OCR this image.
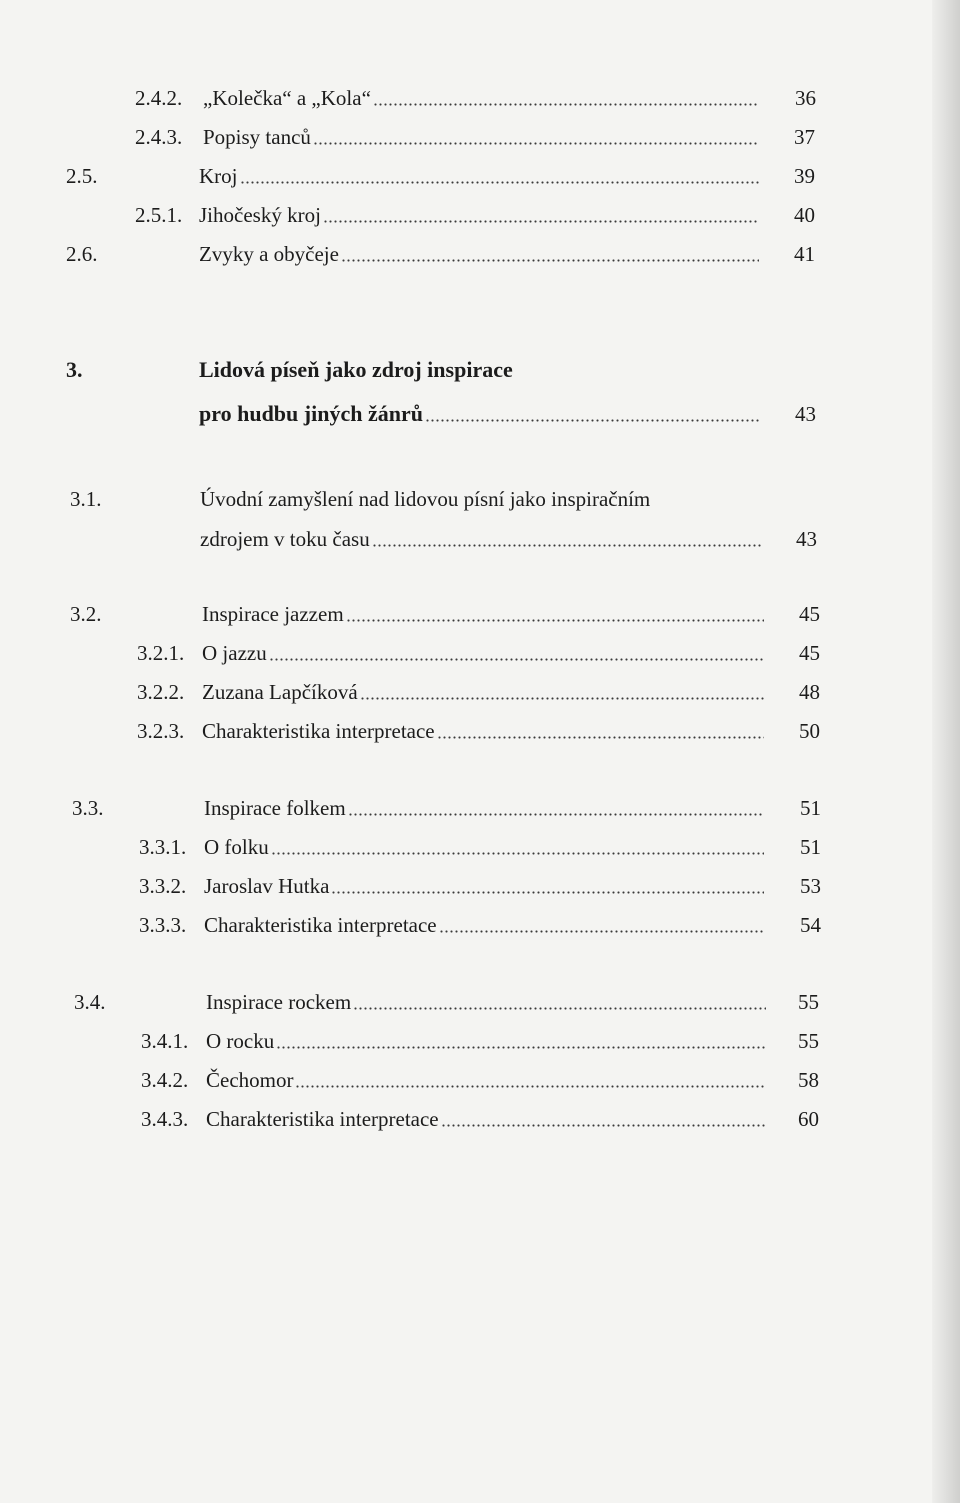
2.4.2. „Kolečka“ a „Kola“	36
2.4.3. Popisy tanců	37
2.5.	Kroj	39
2.5.1. Jihočeský kroj	40
2.6.	Zvyky a obyčeje	41
3.	Lidová píseň jako zdroj inspirace
pro hudbu jiných žánrů	43
3.1.	Úvodní zamyšlení nad lidovou písní jako inspiračním
zdrojem v toku času	43
3.2.	Inspirace jazzem	45
3.2.1. O jazzu	45
3.2.2. Zuzana Lapčíková	48
3.2.3. Charakteristika interpretace	50
3.3.	Inspirace folkem	51
3.3.1. O folku	51
3.3.2. Jaroslav Hutka	53
3.3.3. Charakteristika interpretace	54
3.4.	Inspirace rockem	55
3.4.1. O rocku	55
3.4.2. Čechomor	58
3.4.3. Charakteristika interpretace	60
